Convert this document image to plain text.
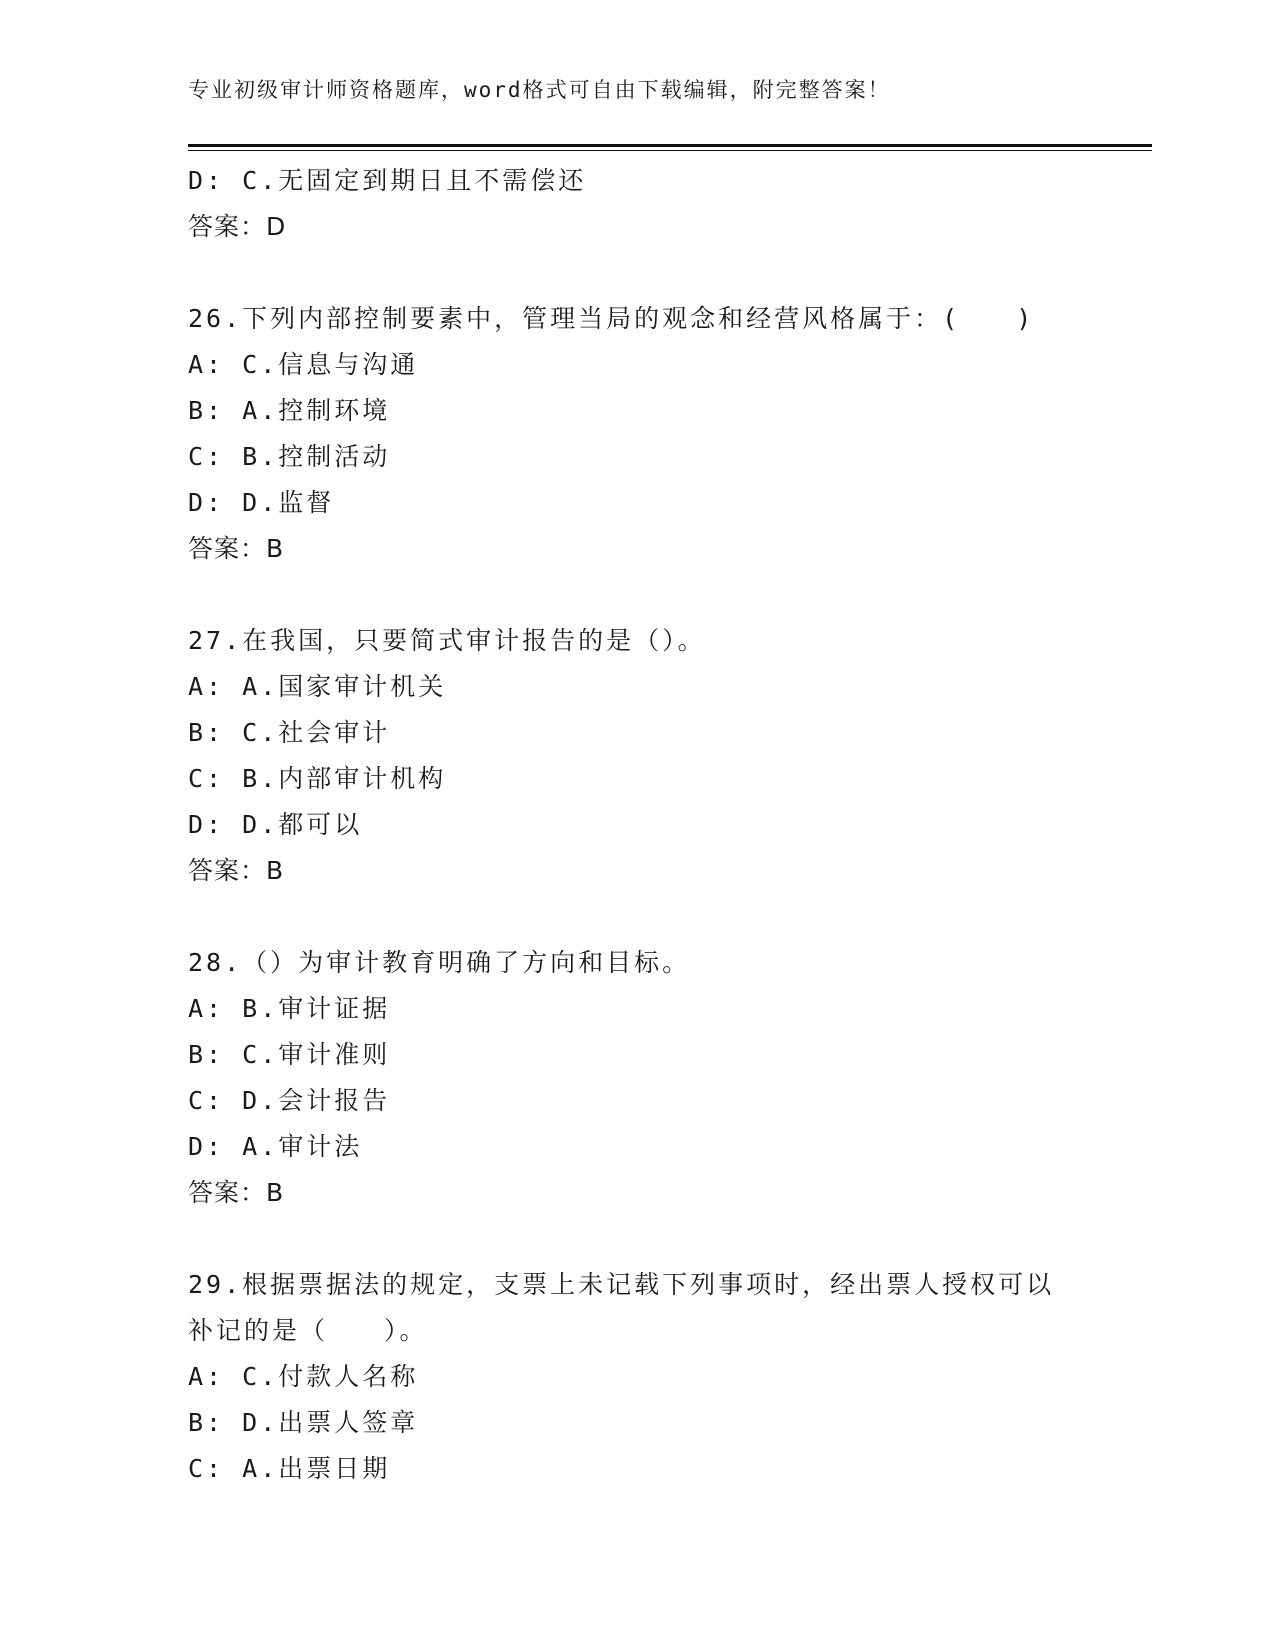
专业初级审计师资格题库，word格式可自由下载编辑，附完整答案！
D: C.无固定到期日且不需偿还
答案：D
26.下列内部控制要素中，管理当局的观念和经营风格属于：(　　)
A: C.信息与沟通
B: A.控制环境
C: B.控制活动
D: D.监督
答案：B
27.在我国，只要简式审计报告的是（）。
A: A.国家审计机关
B: C.社会审计
C: B.内部审计机构
D: D.都可以
答案：B
28.（）为审计教育明确了方向和目标。
A: B.审计证据
B: C.审计准则
C: D.会计报告
D: A.审计法
答案：B
29.根据票据法的规定，支票上未记载下列事项时，经出票人授权可以
补记的是（　　）。
A: C.付款人名称
B: D.出票人签章
C: A.出票日期
